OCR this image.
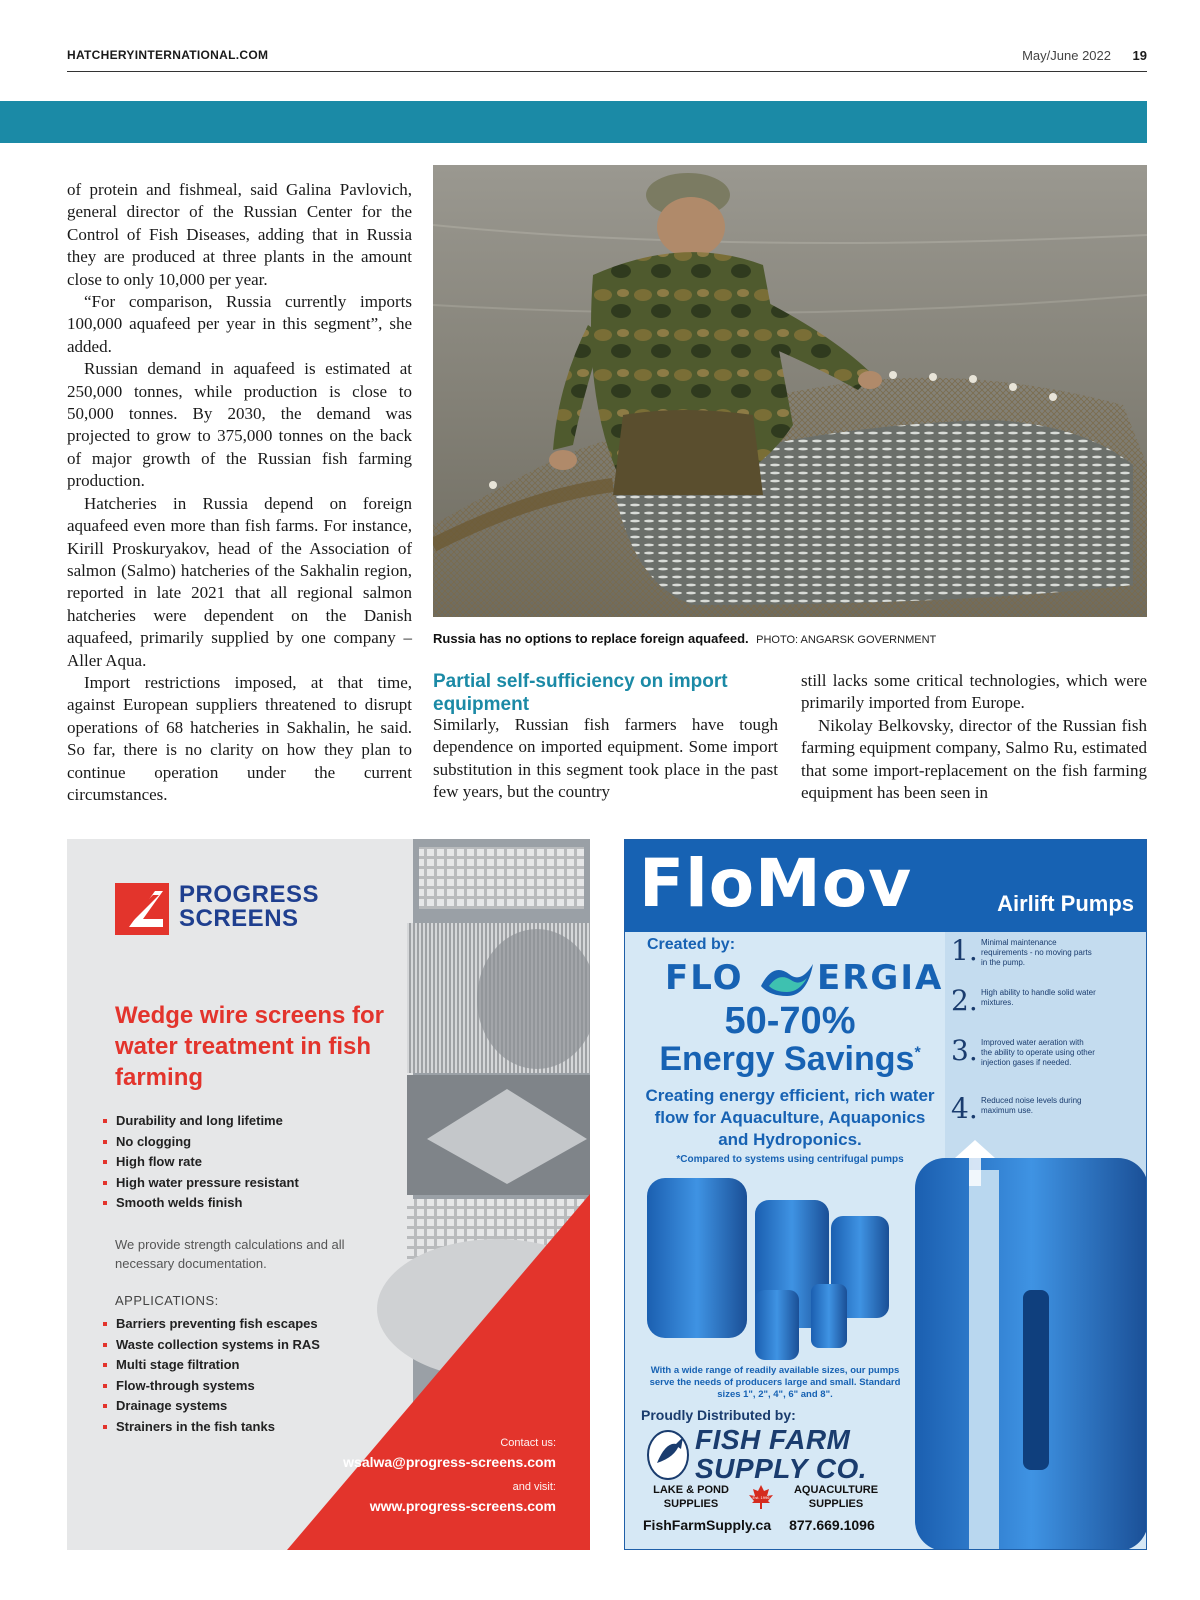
HATCHERYINTERNATIONAL.COM	May/June 2022 19

of protein and fishmeal, said Galina Pavlovich, general director of the Russian Center for the Control of Fish Diseases, adding that in Russia they are produced at three plants in the amount close to only 10,000 per year.

“For comparison, Russia currently imports 100,000 aquafeed per year in this segment”, she added.

Russian demand in aquafeed is estimated at 250,000 tonnes, while production is close to 50,000 tonnes. By 2030, the demand was projected to grow to 375,000 tonnes on the back of major growth of the Russian fish farming production.

Hatcheries in Russia depend on foreign aquafeed even more than fish farms. For instance, Kirill Proskuryakov, head of the Association of salmon (Salmo) hatcheries of the Sakhalin region, reported in late 2021 that all regional salmon hatcheries were dependent on the Danish aquafeed, primarily supplied by one company – Aller Aqua.

Import restrictions imposed, at that time, against European suppliers threatened to disrupt operations of 68 hatcheries in Sakhalin, he said. So far, there is no clarity on how they plan to continue operation under the current circumstances.

Russia has no options to replace foreign aquafeed. PHOTO: ANGARSK GOVERNMENT
Partial self-sufficiency on import equipment

Similarly, Russian fish farmers have tough dependence on imported equipment. Some import substitution in this segment took place in the past few years, but the country

still lacks some critical technologies, which were primarily imported from Europe.

Nikolay Belkovsky, director of the Russian fish farming equipment company, Salmo Ru, estimated that some import-replacement on the fish farming equipment has been seen in

PROGRESS
SCREENS
Wedge wire screens for water treatment in fish farming
Durability and long lifetime
No clogging
High flow rate
High water pressure resistant
Smooth welds finish
We provide strength calculations and all necessary documentation.
APPLICATIONS:
Barriers preventing fish escapes
Waste collection systems in RAS
Multi stage filtration
Flow-through systems
Drainage systems
Strainers in the fish tanks
Contact us:
wsalwa@progress-screens.com
and visit:
www.progress-screens.com
FloMov	Airlift Pumps
Created by:
FLO ERGIA
50-70%
Energy Savings*
Creating energy efficient, rich water flow for Aquaculture, Aquaponics and Hydroponics.
*Compared to systems using centrifugal pumps
1. Minimal maintenance requirements - no moving parts in the pump.
2. High ability to handle solid water mixtures.
3. Improved water aeration with the ability to operate using other injection gases if needed.
4. Reduced noise levels during maximum use.
With a wide range of readily available sizes, our pumps serve the needs of producers large and small. Standard sizes 1", 2", 4", 6" and 8".
Proudly Distributed by:
FISH FARM
SUPPLY CO.
LAKE & POND SUPPLIES
Est. 1996
AQUACULTURE SUPPLIES
FishFarmSupply.ca 877.669.1096
